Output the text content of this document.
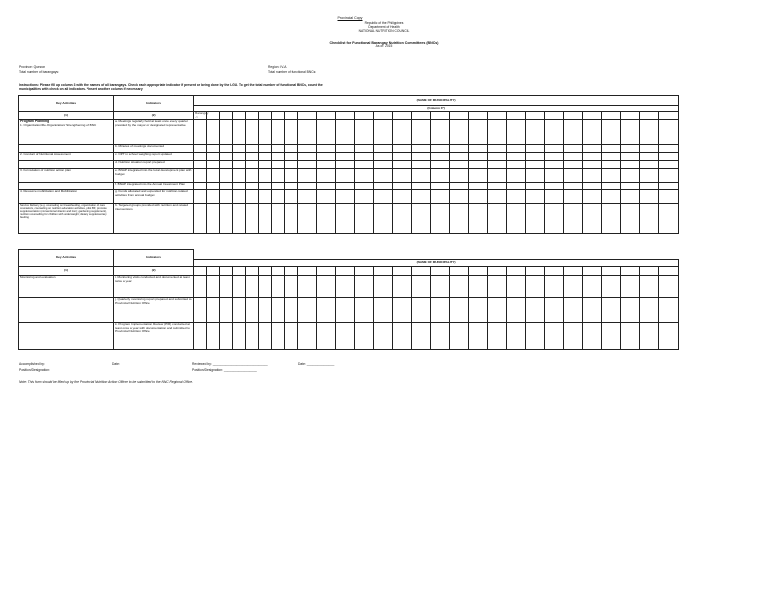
Provincial Copy
Republic of the Philippines
Department of Health
NATIONAL NUTRITION COUNCIL
Checklist for Functional Barangay Nutrition Committees (BNCs)
As of: 2015
Province: Quezon
Total number of barangays:
Region: IV-A
Total number of functional BNCs:
Instructions: Please fill up column 3 with the names of all barangays. Check each appropriate indicator if present or being done by the LGU. To get the total number of functional BNCs, count the municipalities with check on all indicators. *Insert another column if necessary
Key Activities	Indicators	(NAME OF MUNICIPALITY)																											
		(Column 3*)																											
(1)	(2)	Barangay ->																											

Program Planning
1. Organization/Re-Organization/ Strengthening of BNC	a. Meetings regularly held at least once every quarter presided by the mayor or designated representative																												
	b. Minutes of meetings documented																												
2. Conduct of Nutritional Assessment	c. OPT in school weighing report updated																												
	d. Nutrition situation report prepared																												
3. Formulation of nutrition action plan	e. BNAP integrated into the local development plan with budget																												
	f. BNAP integrated into the Annual Investment Plan																												
4. Resource mobilization and Mobilization	g. Funds allocated and expended for nutrition-related activities from annual budget																												
Service Delivery (e.g. counseling on breastfeeding, organization of care counselors, counseling on nutrition education activities, pilot BF; promote supplementation (conventional vitamin and iron); gardening supplement), nutrition counselling for children with underweight; dietary supplementary feeding	h. Targeted groups provided with nutrition and related interventions																												
Key Activities	Indicators																												
		(NAME OF MUNICIPALITY)																											
(1)	(2)																												
Monitoring and evaluation	i. Monitoring visits conducted and documented at least twice a year																												
	j. Quarterly monitoring report prepared and submitted to Provincial Nutrition Office																												
	k. Program Implementation Review (PIR) conducted at least once a year with documentation and submitted to Provincial Nutrition Office																												
Accomplished by:
Position/Designation:
Date:	Reviewed by: ______________________________	Date: _______________
Position/Designation: __________________
Note: This form should be filled up by the Provincial Nutrition Action Officer to be submitted to the NNC Regional Office.
